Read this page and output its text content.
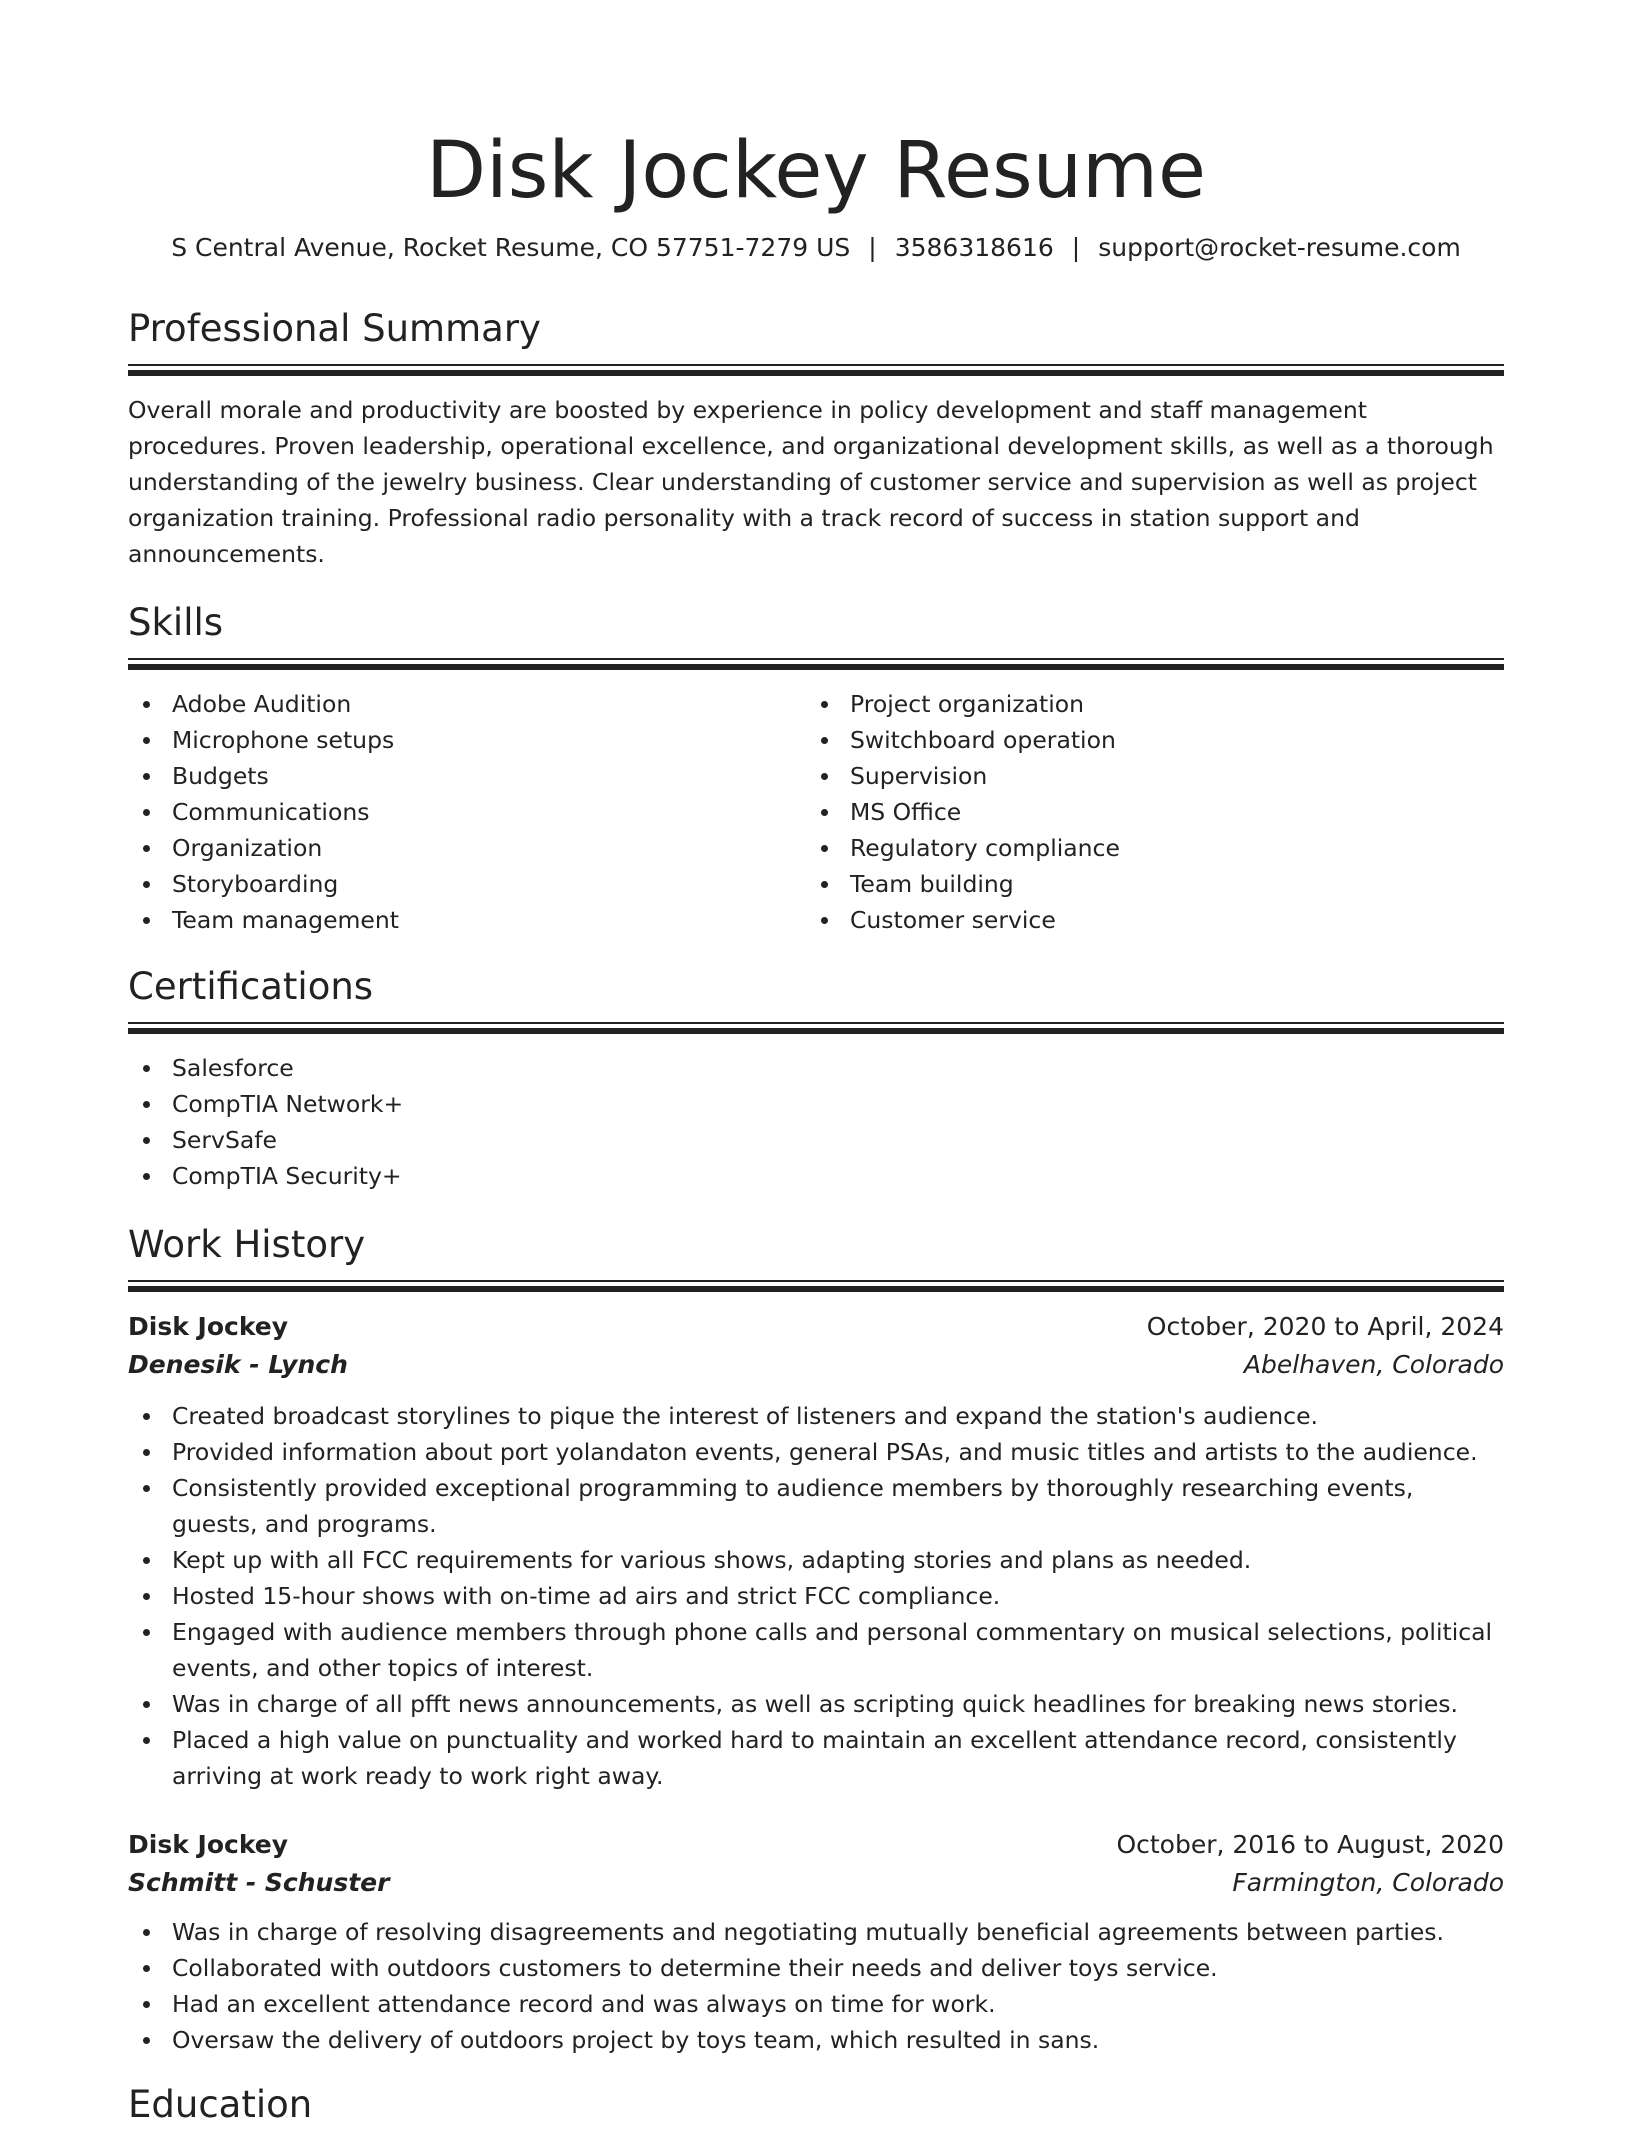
Disk Jockey Resume
S Central Avenue, Rocket Resume, CO 57751-7279 US | 3586318616 | support@rocket-resume.com
Professional Summary

Overall morale and productivity are boosted by experience in policy development and staff management procedures. Proven leadership, operational excellence, and organizational development skills, as well as a thorough understanding of the jewelry business. Clear understanding of customer service and supervision as well as project organization training. Professional radio personality with a track record of success in station support and announcements.

Skills
Adobe Audition
Microphone setups
Budgets
Communications
Organization
Storyboarding
Team management
Project organization
Switchboard operation
Supervision
MS Office
Regulatory compliance
Team building
Customer service
Certifications
Salesforce
CompTIA Network+
ServSafe
CompTIA Security+
Work History
Disk Jockey	October, 2020 to April, 2024
Denesik - Lynch	Abelhaven, Colorado
Created broadcast storylines to pique the interest of listeners and expand the station's audience.
Provided information about port yolandaton events, general PSAs, and music titles and artists to the audience.
Consistently provided exceptional programming to audience members by thoroughly researching events, guests, and programs.
Kept up with all FCC requirements for various shows, adapting stories and plans as needed.
Hosted 15-hour shows with on-time ad airs and strict FCC compliance.
Engaged with audience members through phone calls and personal commentary on musical selections, political events, and other topics of interest.
Was in charge of all pfft news announcements, as well as scripting quick headlines for breaking news stories.
Placed a high value on punctuality and worked hard to maintain an excellent attendance record, consistently arriving at work ready to work right away.
Disk Jockey	October, 2016 to August, 2020
Schmitt - Schuster	Farmington, Colorado
Was in charge of resolving disagreements and negotiating mutually beneficial agreements between parties.
Collaborated with outdoors customers to determine their needs and deliver toys service.
Had an excellent attendance record and was always on time for work.
Oversaw the delivery of outdoors project by toys team, which resulted in sans.
Education
